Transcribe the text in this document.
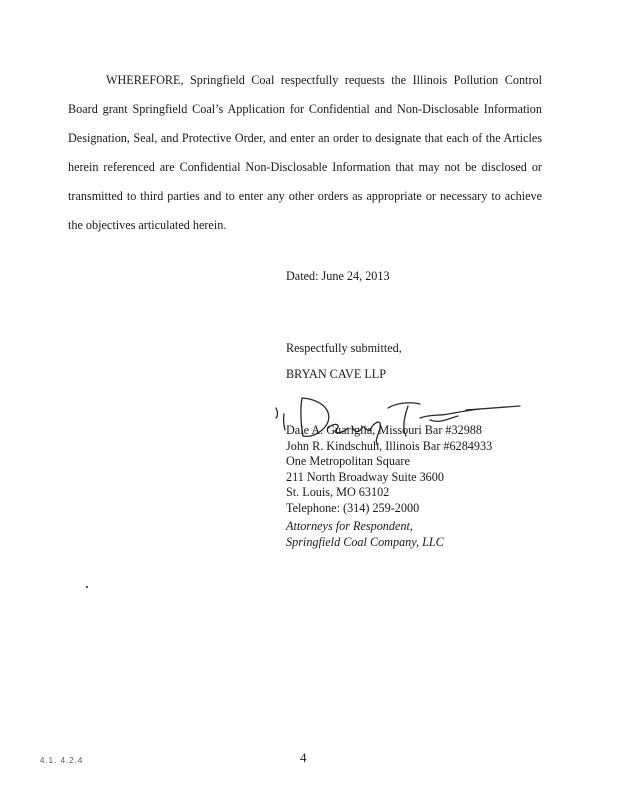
WHEREFORE, Springfield Coal respectfully requests the Illinois Pollution Control Board grant Springfield Coal’s Application for Confidential and Non-Disclosable Information Designation, Seal, and Protective Order, and enter an order to designate that each of the Articles herein referenced are Confidential Non-Disclosable Information that may not be disclosed or transmitted to third parties and to enter any other orders as appropriate or necessary to achieve the objectives articulated herein.

Dated: June 24, 2013
Respectfully submitted,
BRYAN CAVE LLP
Dale A. Guariglia, Missouri Bar #32988
John R. Kindschuh, Illinois Bar #6284933
One Metropolitan Square
211 North Broadway Suite 3600
St. Louis, MO 63102
Telephone: (314) 259-2000
Attorneys for Respondent,
Springfield Coal Company, LLC
4.1. 4.2.4	4
